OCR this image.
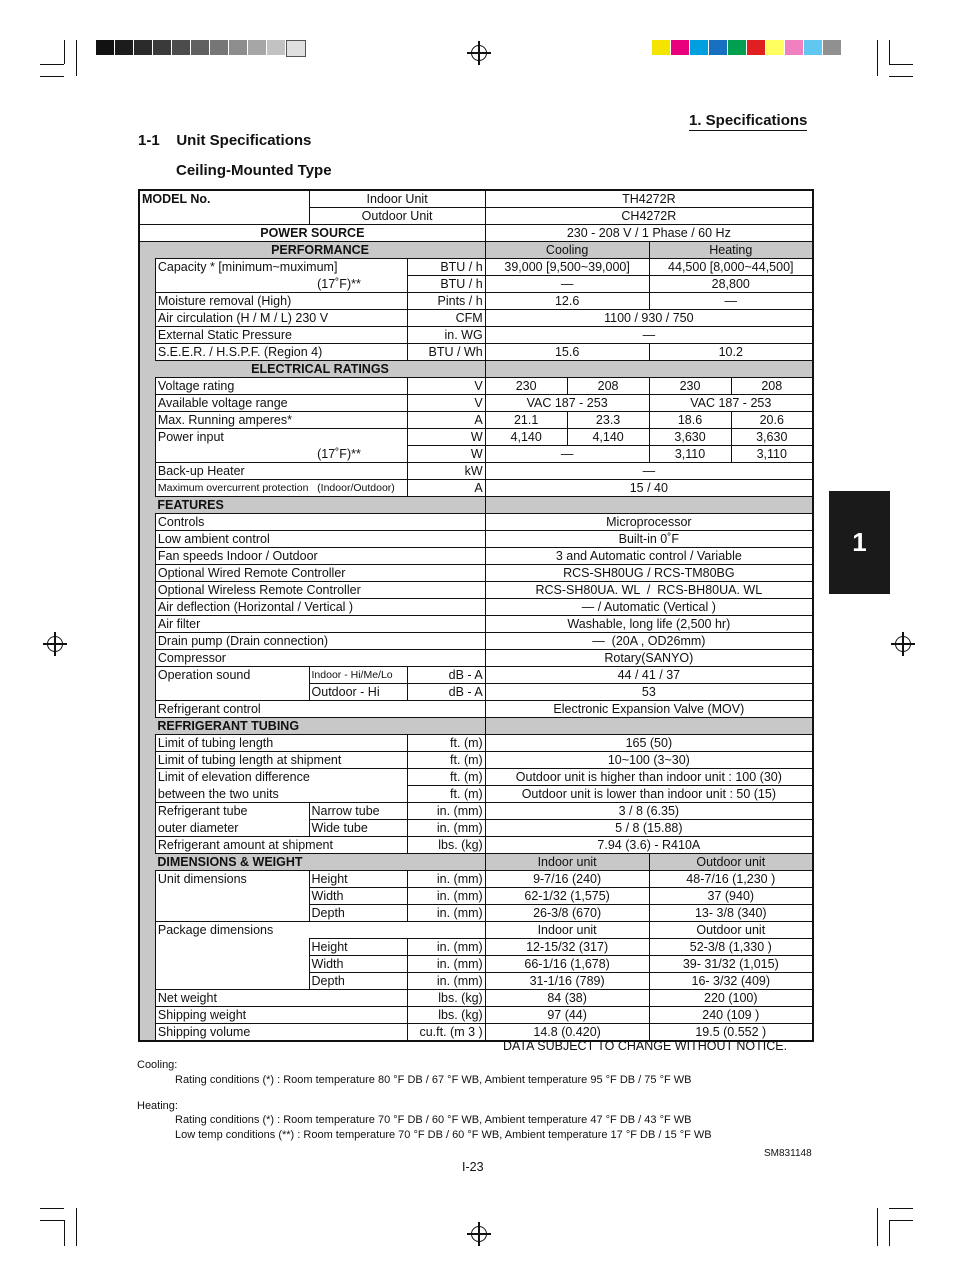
1. Specifications
1-1    Unit Specifications
Ceiling-Mounted Type
1
MODEL No.		Indoor Unit		TH4272R			
		Outdoor Unit		CH4272R			
POWER SOURCE				230 - 208 V / 1 Phase / 60 Hz			
	PERFORMANCE			Cooling		Heating	
	Capacity * [minimum~muximum]		BTU / h	39,000 [9,500~39,000]		44,500 [8,000~44,500]	
	(17˚F)**		BTU / h	—		28,800	
	Moisture removal (High)		Pints / h	12.6		—	
	Air circulation (H / M / L) 230 V		CFM	1100 / 930 / 750			
	External Static Pressure		in. WG	—			
	S.E.E.R. / H.S.P.F. (Region 4)		BTU / Wh	15.6		10.2	
	ELECTRICAL RATINGS						
	Voltage rating		V	230	208	230	208
	Available voltage range		V	VAC 187 - 253		VAC 187 - 253	
	Max. Running amperes*		A	21.1	23.3	18.6	20.6
	Power input		W	4,140	4,140	3,630	3,630
	(17˚F)**		W	—		3,110	3,110
	Back-up Heater		kW	—			
	Maximum overcurrent protection   (Indoor/Outdoor)		A	15 / 40			
	FEATURES						
	Controls			Microprocessor			
	Low ambient control			Built-in 0˚F			
	Fan speeds Indoor / Outdoor			3 and Automatic control / Variable			
	Optional Wired Remote Controller			RCS-SH80UG / RCS-TM80BG			
	Optional Wireless Remote Controller			RCS-SH80UA. WL  /  RCS-BH80UA. WL			
	Air deflection (Horizontal / Vertical )			— / Automatic (Vertical )			
	Air filter			Washable, long life (2,500 hr)			
	Drain pump (Drain connection)			—  (20A , OD26mm)			
	Compressor			Rotary(SANYO)			
	Operation sound	Indoor - Hi/Me/Lo	dB - A	44 / 41 / 37			
		Outdoor - Hi	dB - A	53			
	Refrigerant control			Electronic Expansion Valve (MOV)			
	REFRIGERANT TUBING						
	Limit of tubing length		ft. (m)	165 (50)			
	Limit of tubing length at shipment		ft. (m)	10~100 (3~30)			
	Limit of elevation difference		ft. (m)	Outdoor unit is higher than indoor unit : 100 (30)			
	between the two units		ft. (m)	Outdoor unit is lower than indoor unit : 50 (15)			
	Refrigerant tube	Narrow tube	in. (mm)	3 / 8 (6.35)			
	outer diameter	Wide tube	in. (mm)	5 / 8 (15.88)			
	Refrigerant amount at shipment		lbs. (kg)	7.94 (3.6) - R410A			
	DIMENSIONS & WEIGHT			Indoor unit		Outdoor unit	
	Unit dimensions	Height	in. (mm)	9-7/16 (240)		48-7/16 (1,230 )	
		Width	in. (mm)	62-1/32 (1,575)		37 (940)	
		Depth	in. (mm)	26-3/8 (670)		13- 3/8 (340)	
	Package dimensions			Indoor unit		Outdoor unit	
		Height	in. (mm)	12-15/32 (317)		52-3/8 (1,330 )	
		Width	in. (mm)	66-1/16 (1,678)		39- 31/32 (1,015)	
		Depth	in. (mm)	31-1/16 (789)		16- 3/32 (409)	
	Net weight		lbs. (kg)	84 (38)		220 (100)	
	Shipping weight		lbs. (kg)	97 (44)		240 (109 )	
	Shipping volume		cu.ft. (m 3 )	14.8 (0.420)		19.5 (0.552 )	
DATA SUBJECT TO CHANGE WITHOUT NOTICE.
Cooling:
Rating conditions (*) : Room temperature 80 °F DB / 67 °F WB, Ambient temperature 95 °F DB / 75 °F WB
Heating:
Rating conditions (*) : Room temperature 70 °F DB / 60 °F WB, Ambient temperature 47 °F DB / 43 °F WB
Low temp conditions (**) : Room temperature 70 °F DB / 60 °F WB, Ambient temperature 17 °F DB / 15 °F WB
SM831148
I-23
